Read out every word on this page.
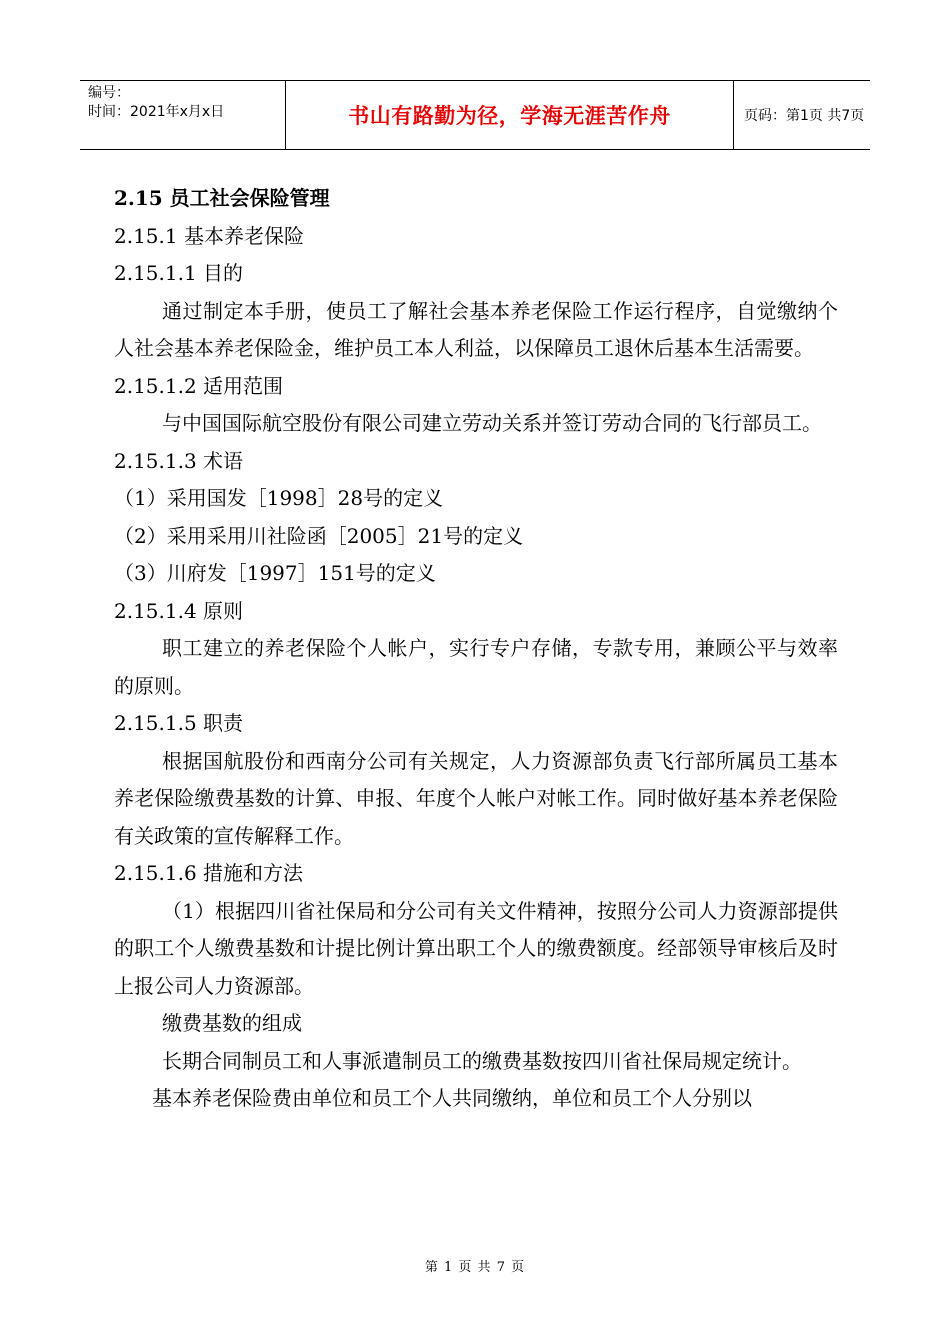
编号：
时间：2021年x月x日	书山有路勤为径，学海无涯苦作舟	页码：第1页 共7页

2.15 员工社会保险管理

2.15.1 基本养老保险

2.15.1.1 目的

通过制定本手册，使员工了解社会基本养老保险工作运行程序，自觉缴纳个人社会基本养老保险金，维护员工本人利益，以保障员工退休后基本生活需要。

2.15.1.2 适用范围

与中国国际航空股份有限公司建立劳动关系并签订劳动合同的飞行部员工。

2.15.1.3 术语

（1）采用国发［1998］28号的定义

（2）采用采用川社险函［2005］21号的定义

（3）川府发［1997］151号的定义

2.15.1.4 原则

职工建立的养老保险个人帐户，实行专户存储，专款专用，兼顾公平与效率的原则。

2.15.1.5 职责

根据国航股份和西南分公司有关规定，人力资源部负责飞行部所属员工基本养老保险缴费基数的计算、申报、年度个人帐户对帐工作。同时做好基本养老保险有关政策的宣传解释工作。

2.15.1.6 措施和方法

（1）根据四川省社保局和分公司有关文件精神，按照分公司人力资源部提供的职工个人缴费基数和计提比例计算出职工个人的缴费额度。经部领导审核后及时上报公司人力资源部。

缴费基数的组成

长期合同制员工和人事派遣制员工的缴费基数按四川省社保局规定统计。

基本养老保险费由单位和员工个人共同缴纳，单位和员工个人分别以

第 1 页 共 7 页
